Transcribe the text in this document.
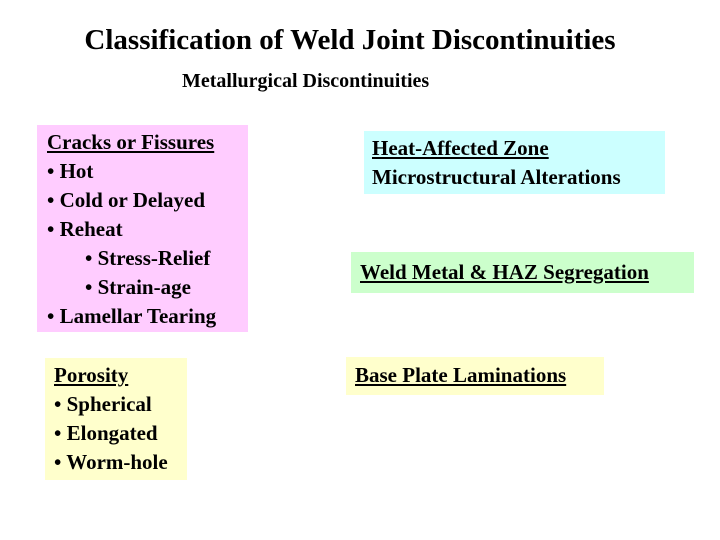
Classification of Weld Joint Discontinuities
Metallurgical Discontinuities
Cracks or Fissures
• Hot
• Cold or Delayed
• Reheat
• Stress-Relief
• Strain-age
• Lamellar Tearing
Porosity
• Spherical
• Elongated
• Worm-hole
Heat-Affected Zone
Microstructural Alterations
Weld Metal & HAZ Segregation
Base Plate Laminations
